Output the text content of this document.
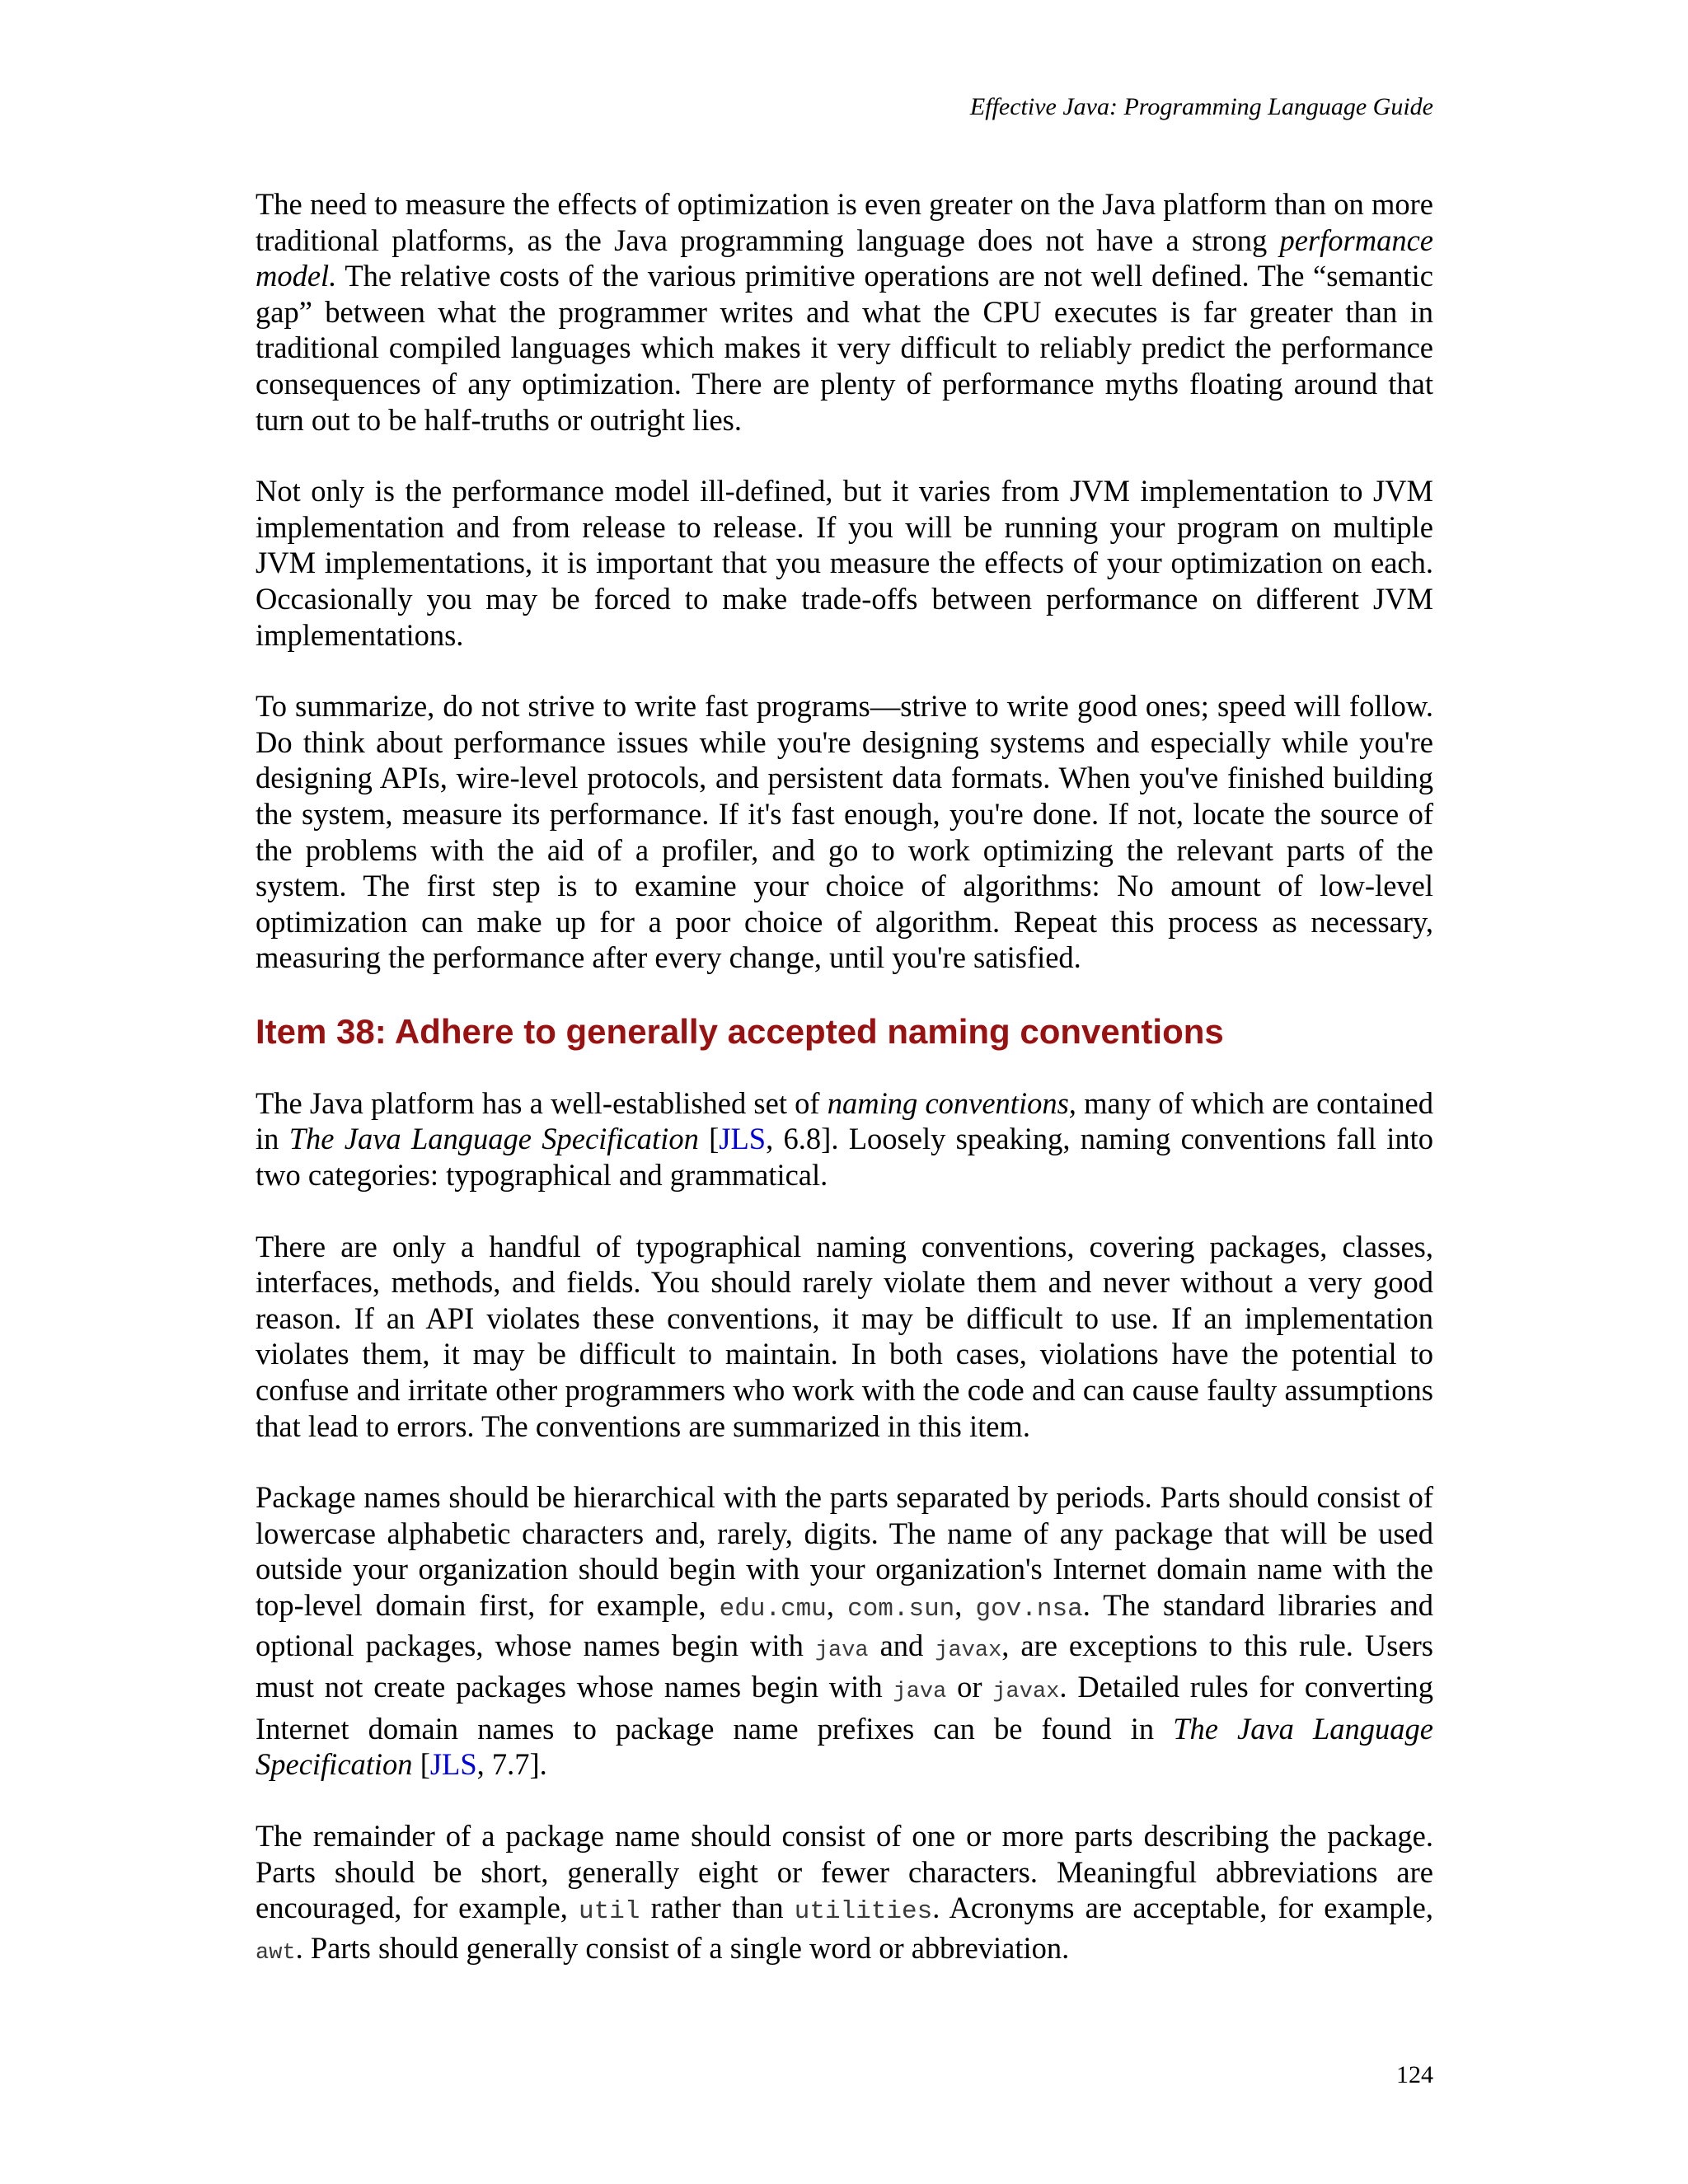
Effective Java: Programming Language Guide

The need to measure the effects of optimization is even greater on the Java platform than on more traditional platforms, as the Java programming language does not have a strong performance model. The relative costs of the various primitive operations are not well defined. The “semantic gap” between what the programmer writes and what the CPU executes is far greater than in traditional compiled languages which makes it very difficult to reliably predict the performance consequences of any optimization. There are plenty of performance myths floating around that turn out to be half-truths or outright lies.

Not only is the performance model ill-defined, but it varies from JVM implementation to JVM implementation and from release to release. If you will be running your program on multiple JVM implementations, it is important that you measure the effects of your optimization on each. Occasionally you may be forced to make trade-offs between performance on different JVM implementations.

To summarize, do not strive to write fast programs—strive to write good ones; speed will follow. Do think about performance issues while you're designing systems and especially while you're designing APIs, wire-level protocols, and persistent data formats. When you've finished building the system, measure its performance. If it's fast enough, you're done. If not, locate the source of the problems with the aid of a profiler, and go to work optimizing the relevant parts of the system. The first step is to examine your choice of algorithms: No amount of low-level optimization can make up for a poor choice of algorithm. Repeat this process as necessary, measuring the performance after every change, until you're satisfied.

Item 38: Adhere to generally accepted naming conventions

The Java platform has a well-established set of naming conventions, many of which are contained in The Java Language Specification [JLS, 6.8]. Loosely speaking, naming conventions fall into two categories: typographical and grammatical.

There are only a handful of typographical naming conventions, covering packages, classes, interfaces, methods, and fields. You should rarely violate them and never without a very good reason. If an API violates these conventions, it may be difficult to use. If an implementation violates them, it may be difficult to maintain. In both cases, violations have the potential to confuse and irritate other programmers who work with the code and can cause faulty assumptions that lead to errors. The conventions are summarized in this item.

Package names should be hierarchical with the parts separated by periods. Parts should consist of lowercase alphabetic characters and, rarely, digits. The name of any package that will be used outside your organization should begin with your organization's Internet domain name with the top-level domain first, for example, edu.cmu, com.sun, gov.nsa. The standard libraries and optional packages, whose names begin with java and javax, are exceptions to this rule. Users must not create packages whose names begin with java or javax. Detailed rules for converting Internet domain names to package name prefixes can be found in The Java Language Specification [JLS, 7.7].

The remainder of a package name should consist of one or more parts describing the package. Parts should be short, generally eight or fewer characters. Meaningful abbreviations are encouraged, for example, util rather than utilities. Acronyms are acceptable, for example, awt. Parts should generally consist of a single word or abbreviation.

124
